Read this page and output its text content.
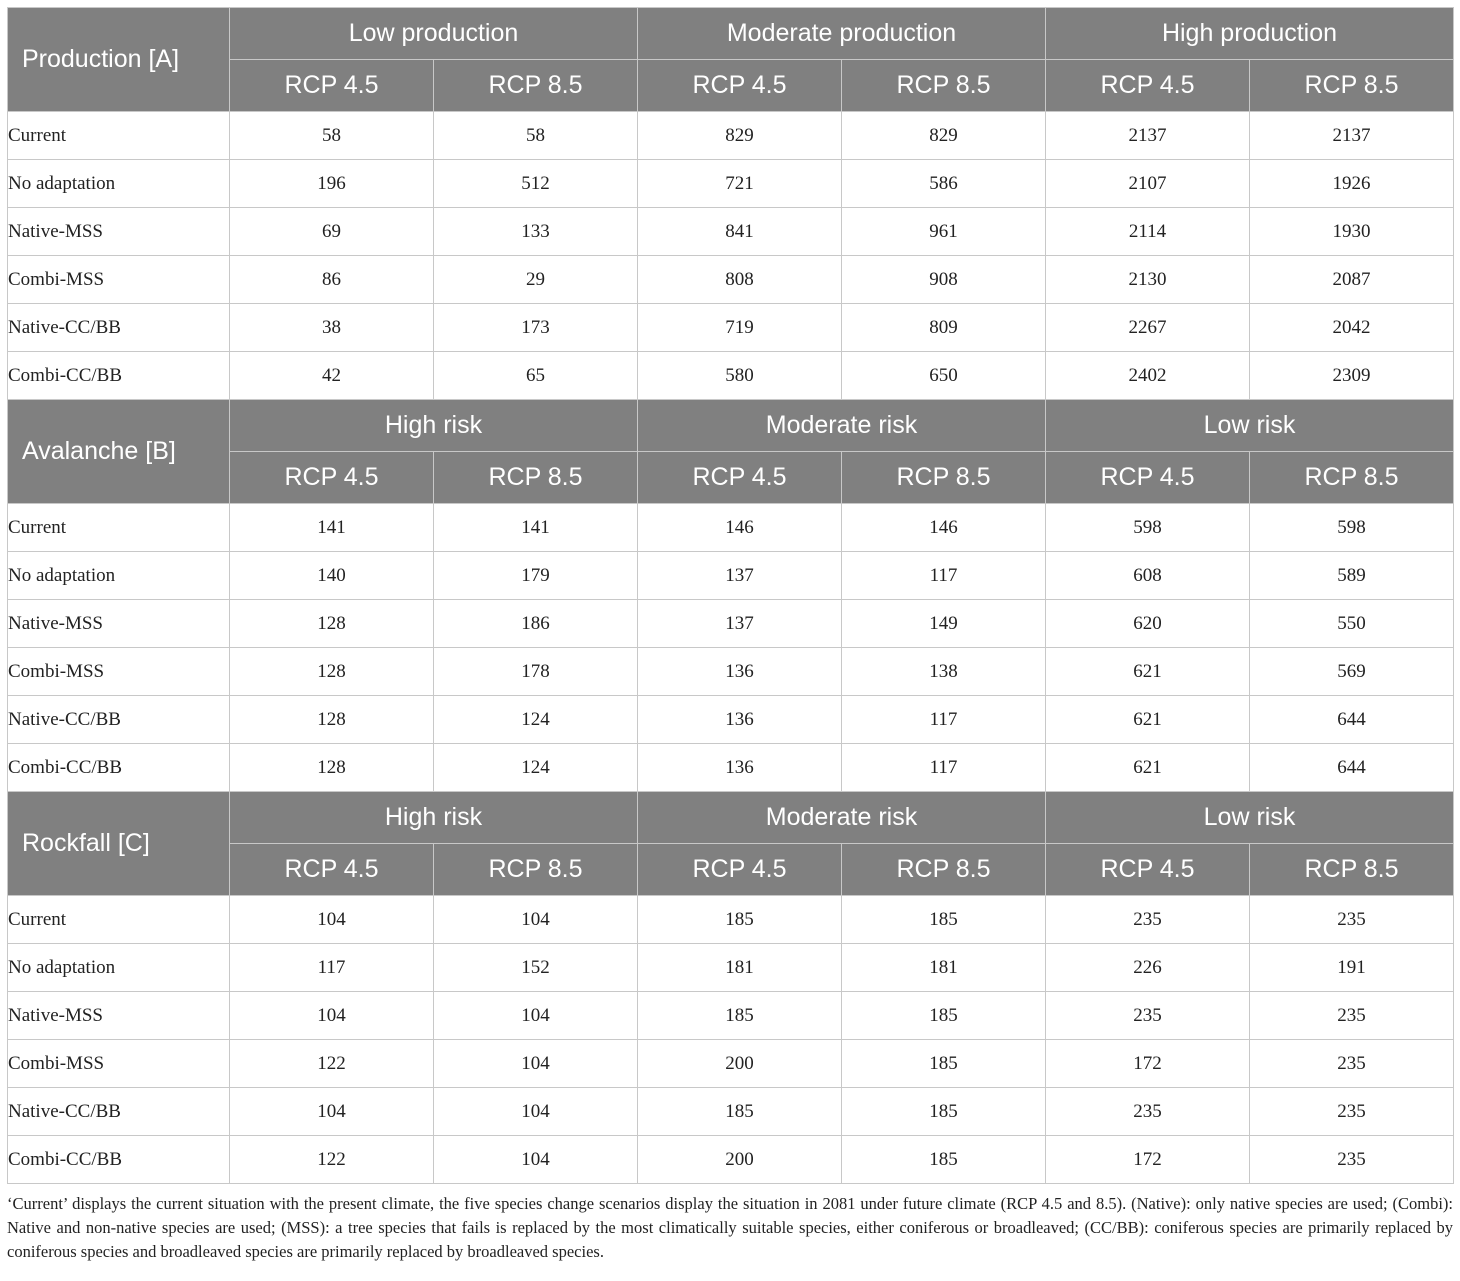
Production [A]	Low production		Moderate production		High production	
	RCP 4.5	RCP 8.5	RCP 4.5	RCP 8.5	RCP 4.5	RCP 8.5
Current	58	58	829	829	2137	2137
No adaptation	196	512	721	586	2107	1926
Native-MSS	69	133	841	961	2114	1930
Combi-MSS	86	29	808	908	2130	2087
Native-CC/BB	38	173	719	809	2267	2042
Combi-CC/BB	42	65	580	650	2402	2309
Avalanche [B]	High risk		Moderate risk		Low risk	
	RCP 4.5	RCP 8.5	RCP 4.5	RCP 8.5	RCP 4.5	RCP 8.5
Current	141	141	146	146	598	598
No adaptation	140	179	137	117	608	589
Native-MSS	128	186	137	149	620	550
Combi-MSS	128	178	136	138	621	569
Native-CC/BB	128	124	136	117	621	644
Combi-CC/BB	128	124	136	117	621	644
Rockfall [C]	High risk		Moderate risk		Low risk	
	RCP 4.5	RCP 8.5	RCP 4.5	RCP 8.5	RCP 4.5	RCP 8.5
Current	104	104	185	185	235	235
No adaptation	117	152	181	181	226	191
Native-MSS	104	104	185	185	235	235
Combi-MSS	122	104	200	185	172	235
Native-CC/BB	104	104	185	185	235	235
Combi-CC/BB	122	104	200	185	172	235

‘Current’ displays the current situation with the present climate, the five species change scenarios display the situation in 2081 under future climate (RCP 4.5 and 8.5). (Native): only native species are used; (Combi): Native and non-native species are used; (MSS): a tree species that fails is replaced by the most climatically suitable species, either coniferous or broadleaved; (CC/BB): coniferous species are primarily replaced by coniferous species and broadleaved species are primarily replaced by broadleaved species.
